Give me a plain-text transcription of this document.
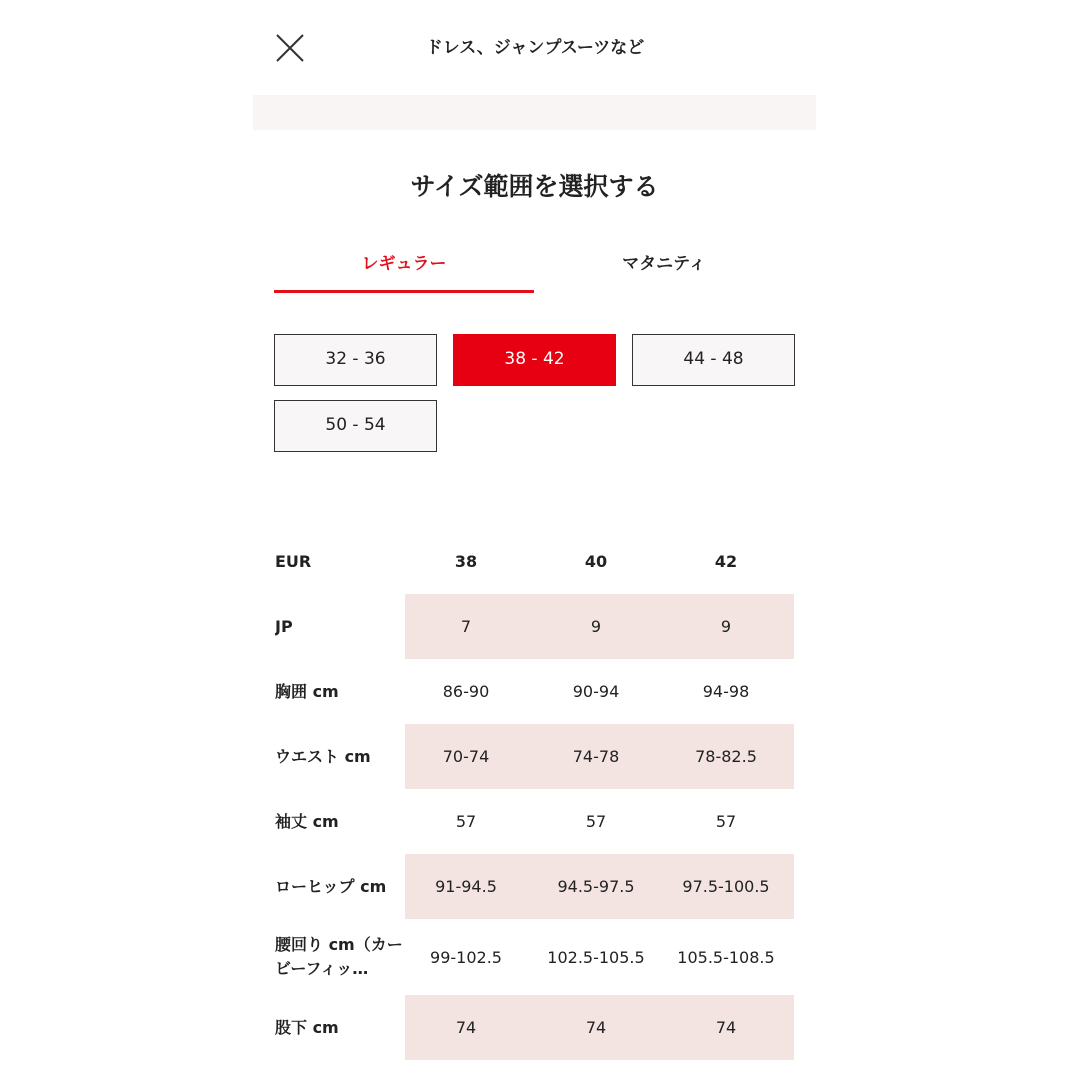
ドレス、ジャンプスーツなど
サイズ範囲を選択する
レギュラー	マタニティ
32 - 36	38 - 42	44 - 48
50 - 54
EUR	38	40	42
JP	7	9	9
胸囲 cm	86-90	90-94	94-98
ウエスト cm	70-74	74-78	78-82.5
袖丈 cm	57	57	57
ローヒップ cm	91-94.5	94.5-97.5	97.5-100.5
腰回り cm（カービーフィッ…
99-102.5	102.5-105.5	105.5-108.5
股下 cm	74	74	74
